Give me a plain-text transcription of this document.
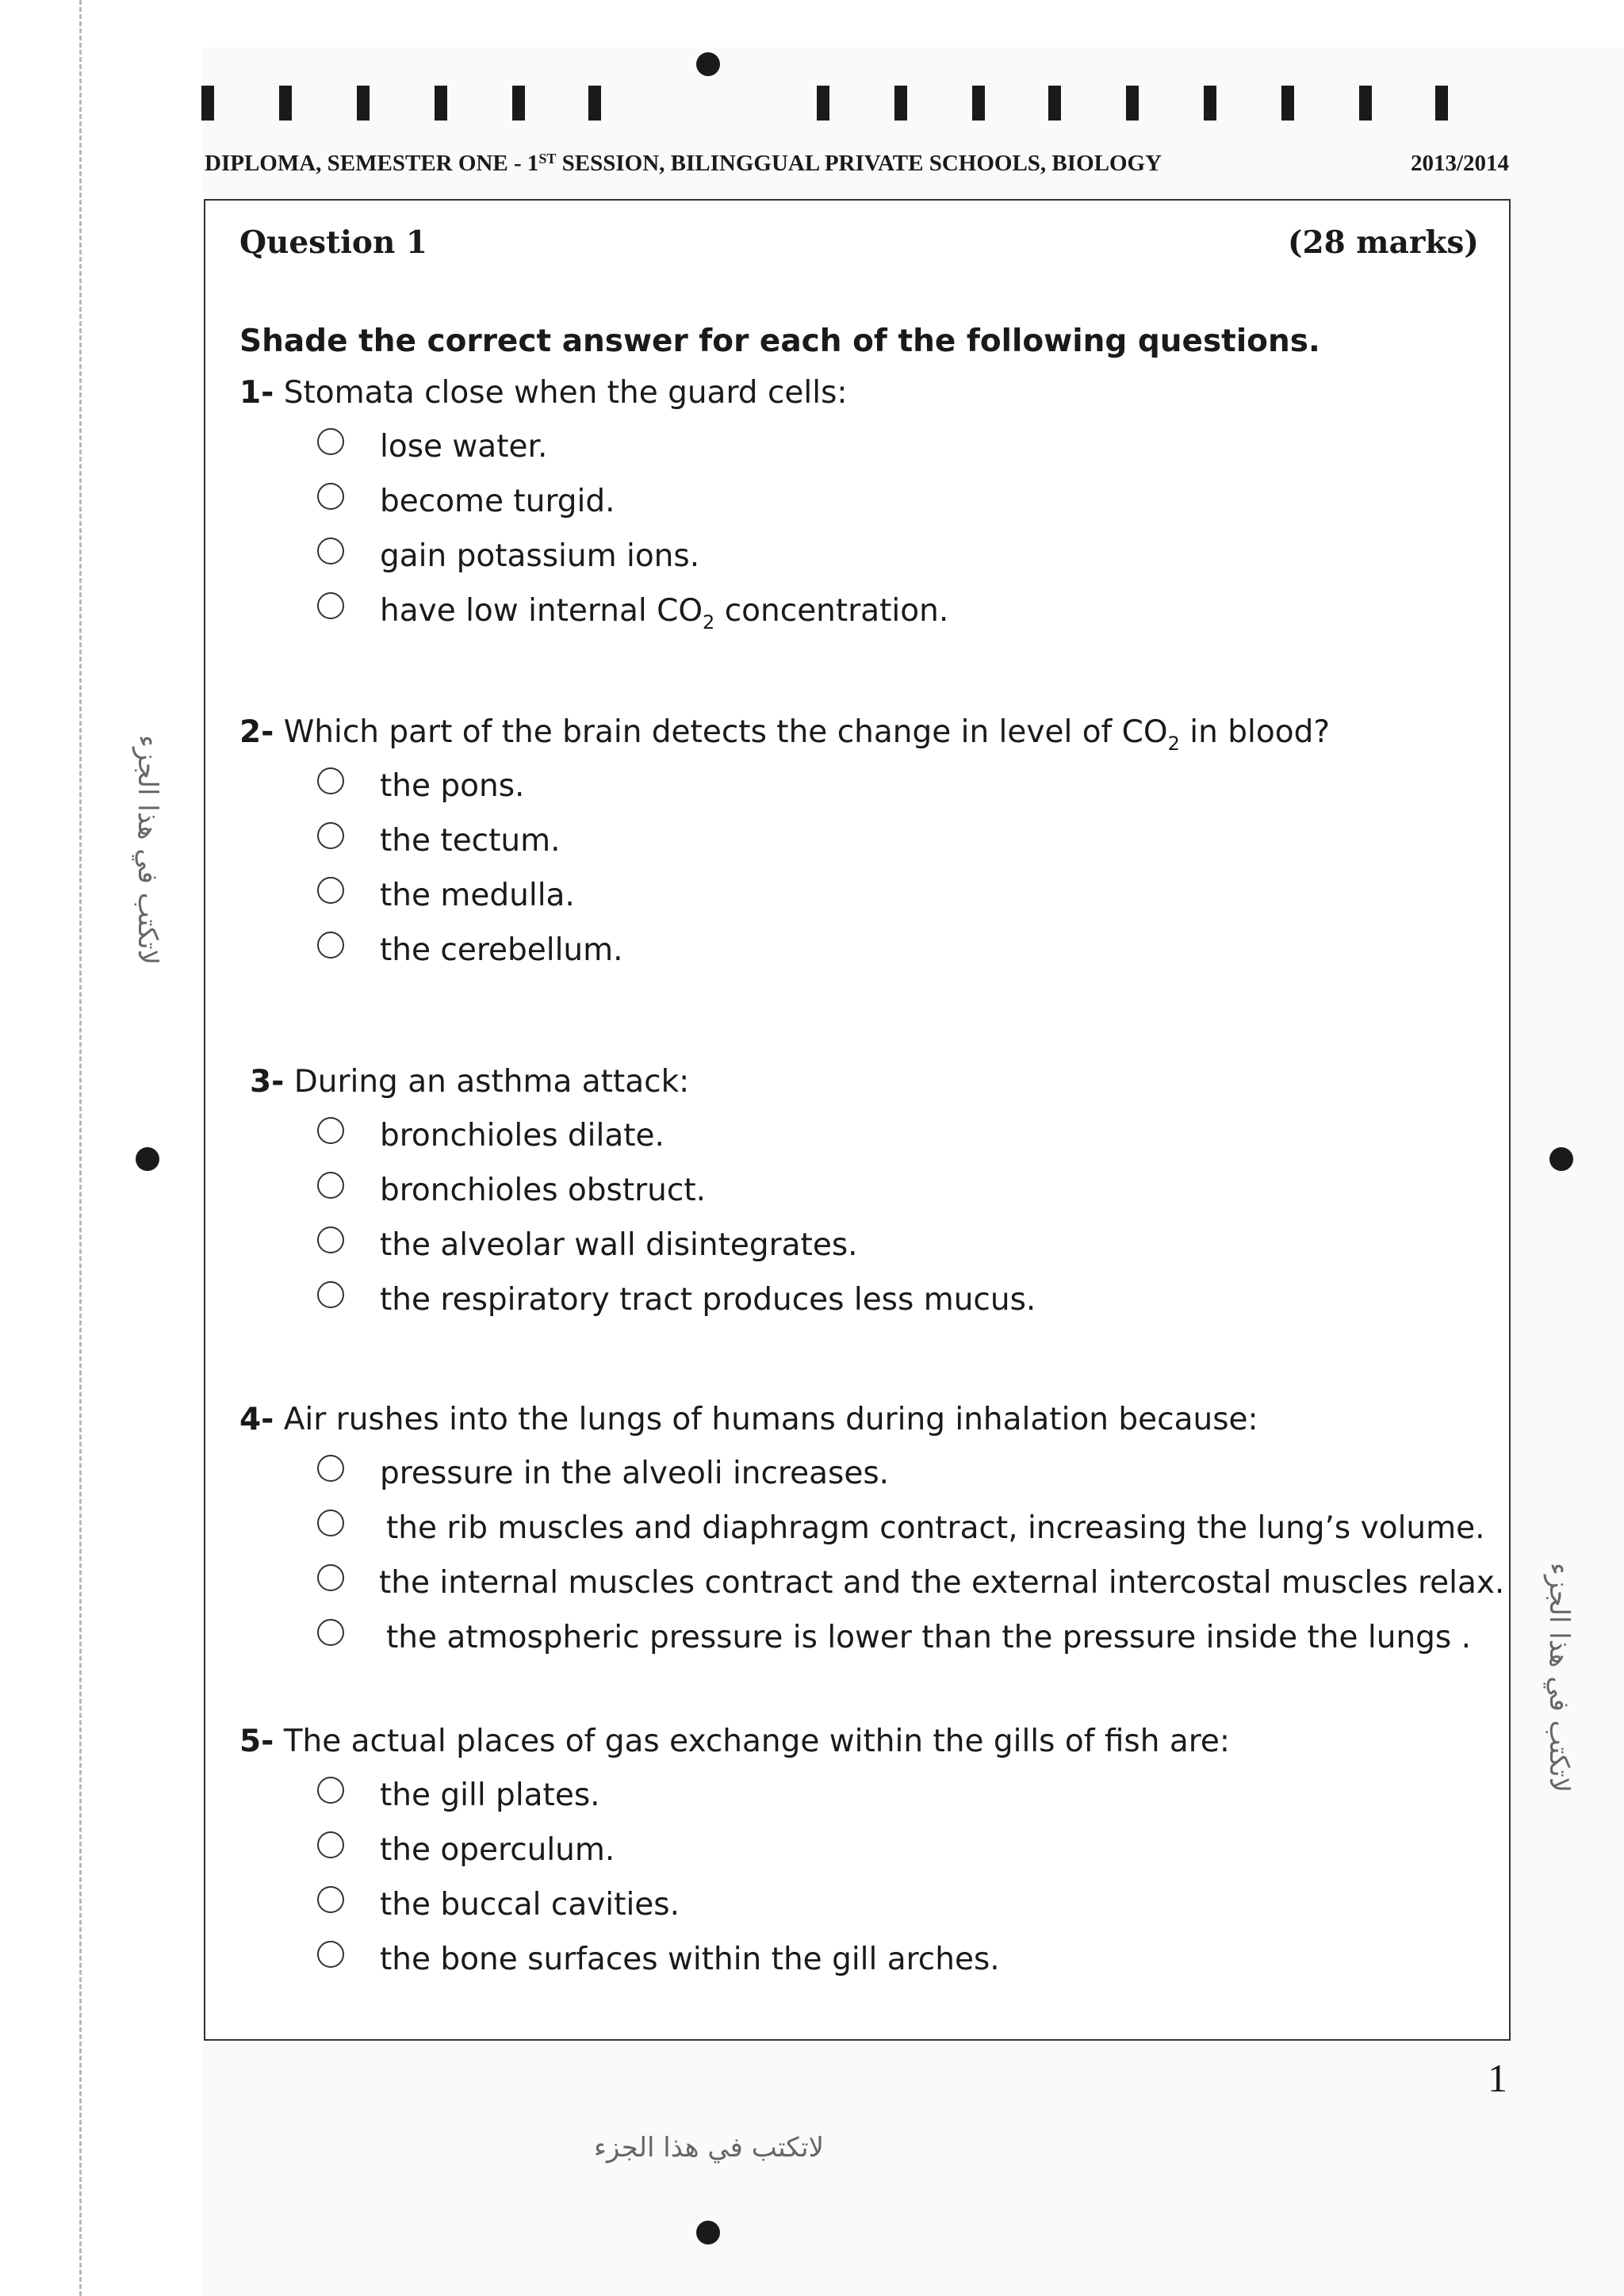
DIPLOMA, SEMESTER ONE - 1ST SESSION, BILINGGUAL PRIVATE SCHOOLS, BIOLOGY	2013/2014
Question 1	(28 marks)
Shade the correct answer for each of the following questions.
1- Stomata close when the guard cells:
lose water.
become turgid.
gain potassium ions.
have low internal $CO_2$ concentration.
2- Which part of the brain detects the change in level of $CO_2$ in blood?
the pons.
the tectum.
the medulla.
the cerebellum.
3- During an asthma attack:
bronchioles dilate.
bronchioles obstruct.
the alveolar wall disintegrates.
the respiratory tract produces less mucus.
4- Air rushes into the lungs of humans during inhalation because:
pressure in the alveoli increases.
the rib muscles and diaphragm contract, increasing the lung’s volume.
the internal muscles contract and the external intercostal muscles relax.
the atmospheric pressure is lower than the pressure inside the lungs .
5- The actual places of gas exchange within the gills of fish are:
the gill plates.
the operculum.
the buccal cavities.
the bone surfaces within the gill arches.
1
لاتكتب في هذا الجزء
لاتكتب في هذا الجزء
لاتكتب في هذا الجزء
